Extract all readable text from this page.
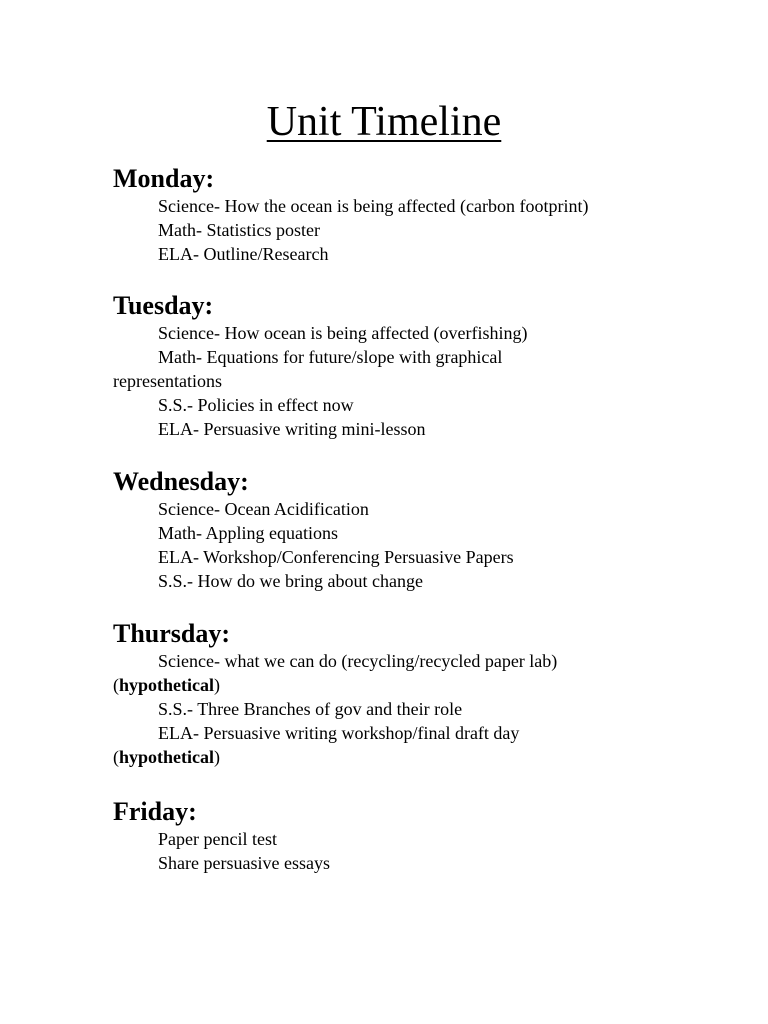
Unit Timeline
Monday:
Science- How the ocean is being affected (carbon footprint)
Math- Statistics poster
ELA- Outline/Research
Tuesday:
Science- How ocean is being affected (overfishing)
Math- Equations for future/slope with graphical
representations
S.S.- Policies in effect now
ELA- Persuasive writing mini-lesson
Wednesday:
Science- Ocean Acidification
Math- Appling equations
ELA- Workshop/Conferencing Persuasive Papers
S.S.- How do we bring about change
Thursday:
Science- what we can do (recycling/recycled paper lab)
(hypothetical)
S.S.- Three Branches of gov and their role
ELA- Persuasive writing workshop/final draft day
(hypothetical)
Friday:
Paper pencil test
Share persuasive essays
